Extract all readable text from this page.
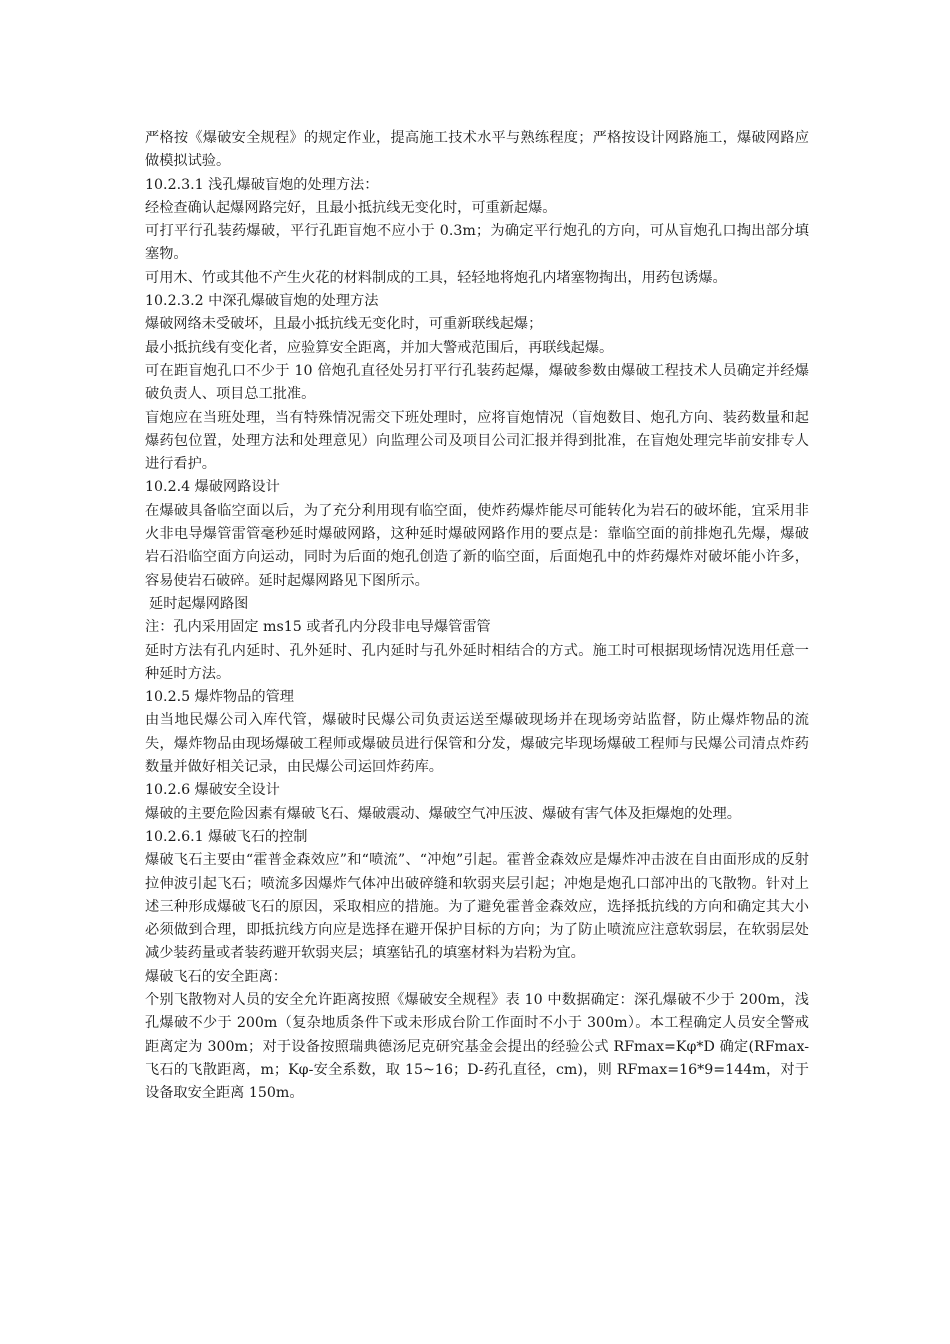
严格按《爆破安全规程》的规定作业，提高施工技术水平与熟练程度；严格按设计网路施工，爆破网路应做模拟试验。

10.2.3.1 浅孔爆破盲炮的处理方法：

经检查确认起爆网路完好，且最小抵抗线无变化时，可重新起爆。

可打平行孔装药爆破，平行孔距盲炮不应小于 0.3m；为确定平行炮孔的方向，可从盲炮孔口掏出部分填塞物。

可用木、竹或其他不产生火花的材料制成的工具，轻轻地将炮孔内堵塞物掏出，用药包诱爆。

10.2.3.2 中深孔爆破盲炮的处理方法

爆破网络未受破坏，且最小抵抗线无变化时，可重新联线起爆；

最小抵抗线有变化者，应验算安全距离，并加大警戒范围后，再联线起爆。

可在距盲炮孔口不少于 10 倍炮孔直径处另打平行孔装药起爆，爆破参数由爆破工程技术人员确定并经爆破负责人、项目总工批准。

盲炮应在当班处理，当有特殊情况需交下班处理时，应将盲炮情况（盲炮数目、炮孔方向、装药数量和起爆药包位置，处理方法和处理意见）向监理公司及项目公司汇报并得到批准，在盲炮处理完毕前安排专人进行看护。

10.2.4 爆破网路设计

在爆破具备临空面以后，为了充分利用现有临空面，使炸药爆炸能尽可能转化为岩石的破坏能，宜采用非火非电导爆管雷管毫秒延时爆破网路，这种延时爆破网路作用的要点是：靠临空面的前排炮孔先爆，爆破岩石沿临空面方向运动，同时为后面的炮孔创造了新的临空面，后面炮孔中的炸药爆炸对破坏能小许多，容易使岩石破碎。延时起爆网路见下图所示。

延时起爆网路图

注：孔内采用固定 ms15 或者孔内分段非电导爆管雷管

延时方法有孔内延时、孔外延时、孔内延时与孔外延时相结合的方式。施工时可根据现场情况选用任意一种延时方法。

10.2.5 爆炸物品的管理

由当地民爆公司入库代管，爆破时民爆公司负责运送至爆破现场并在现场旁站监督，防止爆炸物品的流失，爆炸物品由现场爆破工程师或爆破员进行保管和分发，爆破完毕现场爆破工程师与民爆公司清点炸药数量并做好相关记录，由民爆公司运回炸药库。

10.2.6 爆破安全设计

爆破的主要危险因素有爆破飞石、爆破震动、爆破空气冲压波、爆破有害气体及拒爆炮的处理。

10.2.6.1 爆破飞石的控制

爆破飞石主要由“霍普金森效应”和“喷流”、“冲炮”引起。霍普金森效应是爆炸冲击波在自由面形成的反射拉伸波引起飞石；喷流多因爆炸气体冲出破碎缝和软弱夹层引起；冲炮是炮孔口部冲出的飞散物。针对上述三种形成爆破飞石的原因，采取相应的措施。为了避免霍普金森效应，选择抵抗线的方向和确定其大小必须做到合理，即抵抗线方向应是选择在避开保护目标的方向；为了防止喷流应注意软弱层，在软弱层处减少装药量或者装药避开软弱夹层；填塞钻孔的填塞材料为岩粉为宜。

爆破飞石的安全距离：

个别飞散物对人员的安全允许距离按照《爆破安全规程》表 10 中数据确定：深孔爆破不少于 200m，浅孔爆破不少于 200m（复杂地质条件下或未形成台阶工作面时不小于 300m）。本工程确定人员安全警戒距离定为 300m；对于设备按照瑞典德汤尼克研究基金会提出的经验公式 RFmax=Kφ*D 确定(RFmax-飞石的飞散距离，m；Kφ-安全系数，取 15~16；D-药孔直径，cm)，则 RFmax=16*9=144m，对于设备取安全距离 150m。
